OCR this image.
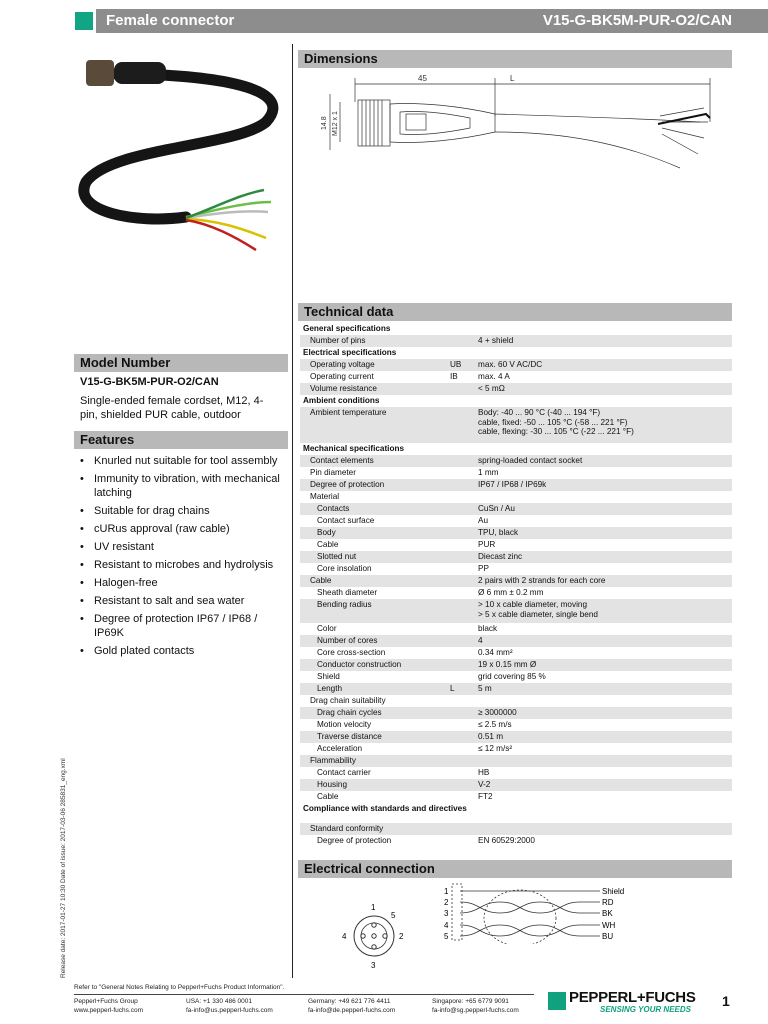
Female connector	V15-G-BK5M-PUR-O2/CAN
Model Number
V15-G-BK5M-PUR-O2/CAN
Single-ended female cordset, M12, 4-pin, shielded PUR cable, outdoor
Features
• Knurled nut suitable for tool assembly
• Immunity to vibration, with mechanical latching
• Suitable for drag chains
• cURus approval (raw cable)
• UV resistant
• Resistant to microbes and hydrolysis
• Halogen-free
• Resistant to salt and sea water
• Degree of protection IP67 / IP68 / IP69K
• Gold plated contacts
Dimensions
45	L
14.8 M12 x 1
Technical data
General specifications
Number of pins	4 + shield
Electrical specifications
Operating voltage	UB max. 60 V AC/DC
Operating current	IB max. 4 A
Volume resistance	< 5 mΩ
Ambient conditions
Ambient temperature	Body: -40 ... 90 °C (-40 ... 194 °F)
cable, fixed: -50 ... 105 °C (-58 ... 221 °F)
cable, flexing: -30 ... 105 °C (-22 ... 221 °F)
Mechanical specifications
Contact elements	spring-loaded contact socket
Pin diameter	1 mm
Degree of protection	IP67 / IP68 / IP69k
Material
Contacts	CuSn / Au
Contact surface	Au
Body	TPU, black
Cable	PUR
Slotted nut	Diecast zinc
Core insolation	PP
Cable	2 pairs with 2 strands for each core
Sheath diameter	Ø 6 mm ± 0.2 mm
Bending radius	> 10 x cable diameter, moving
> 5 x cable diameter, single bend
Color	black
Number of cores	4
Core cross-section	0.34 mm²
Conductor construction	19 x 0.15 mm Ø
Shield	grid covering 85 %
Length	L	5 m
Drag chain suitability
Drag chain cycles	≥ 3000000
Motion velocity	≤ 2.5 m/s
Traverse distance	0.51 m
Acceleration	≤ 12 m/s²
Flammability
Contact carrier	HB
Housing	V-2
Cable	FT2
Compliance with standards and directives
Standard conformity
Degree of protection	EN 60529:2000
Electrical connection
1
2
3
4
5
1
2
3
4
5
Shield
RD
BK
WH
BU
Release date: 2017-01-27 10:30 Date of issue: 2017-03-06 285831_eng.xml
Refer to "General Notes Relating to Pepperl+Fuchs Product Information".
Pepperl+Fuchs Group
www.pepperl-fuchs.com
USA: +1 330 486 0001
fa-info@us.pepperl-fuchs.com
Germany: +49 621 776 4411
fa-info@de.pepperl-fuchs.com
Singapore: +65 6779 9091
fa-info@sg.pepperl-fuchs.com
PEPPERL+FUCHS
SENSING YOUR NEEDS
1
